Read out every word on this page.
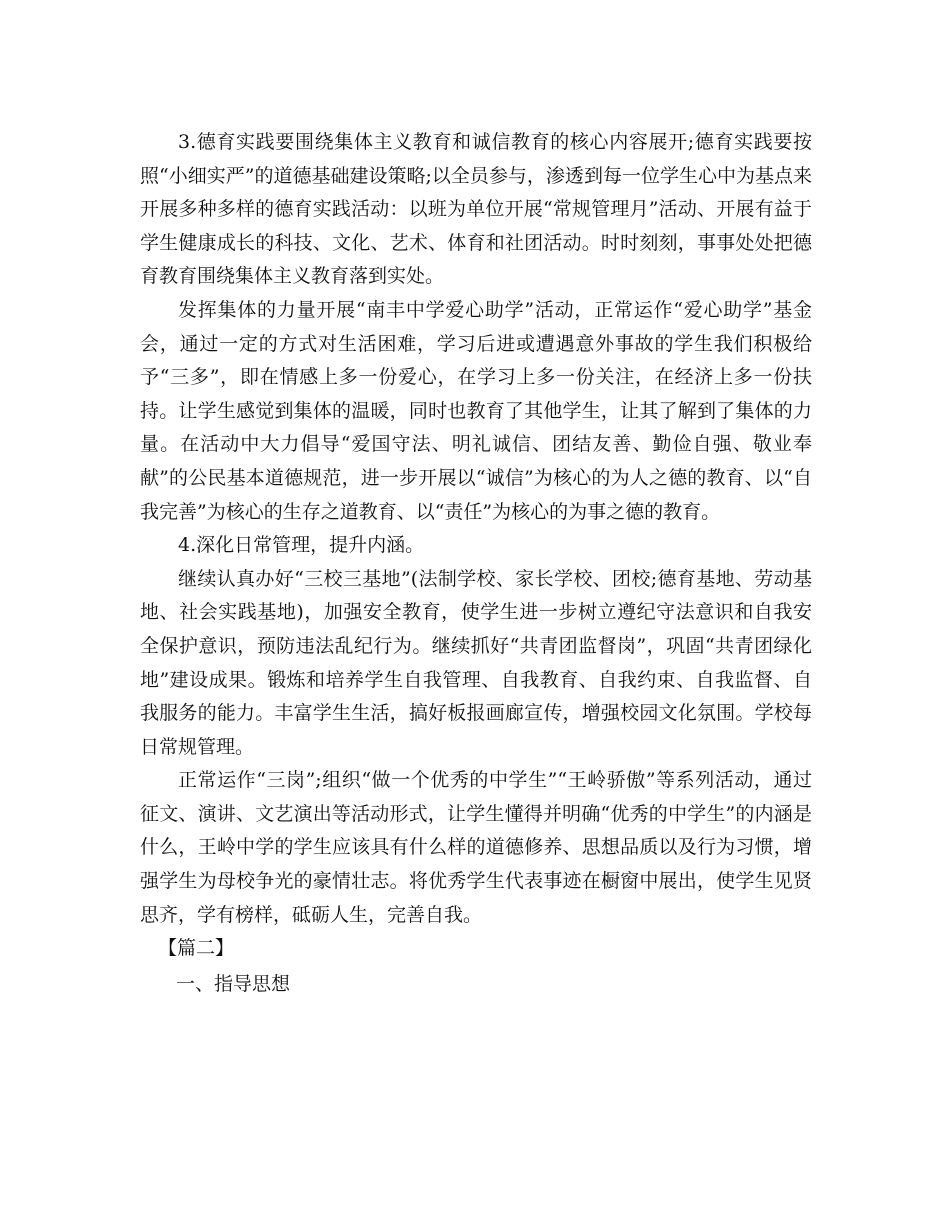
3.德育实践要围绕集体主义教育和诚信教育的核心内容展开;德育实践要按照“小细实严”的道德基础建设策略;以全员参与，渗透到每一位学生心中为基点来开展多种多样的德育实践活动：以班为单位开展“常规管理月”活动、开展有益于学生健康成长的科技、文化、艺术、体育和社团活动。时时刻刻，事事处处把德育教育围绕集体主义教育落到实处。

发挥集体的力量开展“南丰中学爱心助学”活动，正常运作“爱心助学”基金会，通过一定的方式对生活困难，学习后进或遭遇意外事故的学生我们积极给予“三多”，即在情感上多一份爱心，在学习上多一份关注，在经济上多一份扶持。让学生感觉到集体的温暖，同时也教育了其他学生，让其了解到了集体的力量。在活动中大力倡导“爱国守法、明礼诚信、团结友善、勤俭自强、敬业奉献”的公民基本道德规范，进一步开展以“诚信”为核心的为人之德的教育、以“自我完善”为核心的生存之道教育、以“责任”为核心的为事之德的教育。

4.深化日常管理，提升内涵。

继续认真办好“三校三基地”(法制学校、家长学校、团校;德育基地、劳动基地、社会实践基地)，加强安全教育，使学生进一步树立遵纪守法意识和自我安全保护意识，预防违法乱纪行为。继续抓好“共青团监督岗”，巩固“共青团绿化地”建设成果。锻炼和培养学生自我管理、自我教育、自我约束、自我监督、自我服务的能力。丰富学生生活，搞好板报画廊宣传，增强校园文化氛围。学校每日常规管理。

正常运作“三岗”;组织“做一个优秀的中学生”“王岭骄傲”等系列活动，通过征文、演讲、文艺演出等活动形式，让学生懂得并明确“优秀的中学生”的内涵是什么，王岭中学的学生应该具有什么样的道德修养、思想品质以及行为习惯，增强学生为母校争光的豪情壮志。将优秀学生代表事迹在橱窗中展出，使学生见贤思齐，学有榜样，砥砺人生，完善自我。

【篇二】

一、指导思想
